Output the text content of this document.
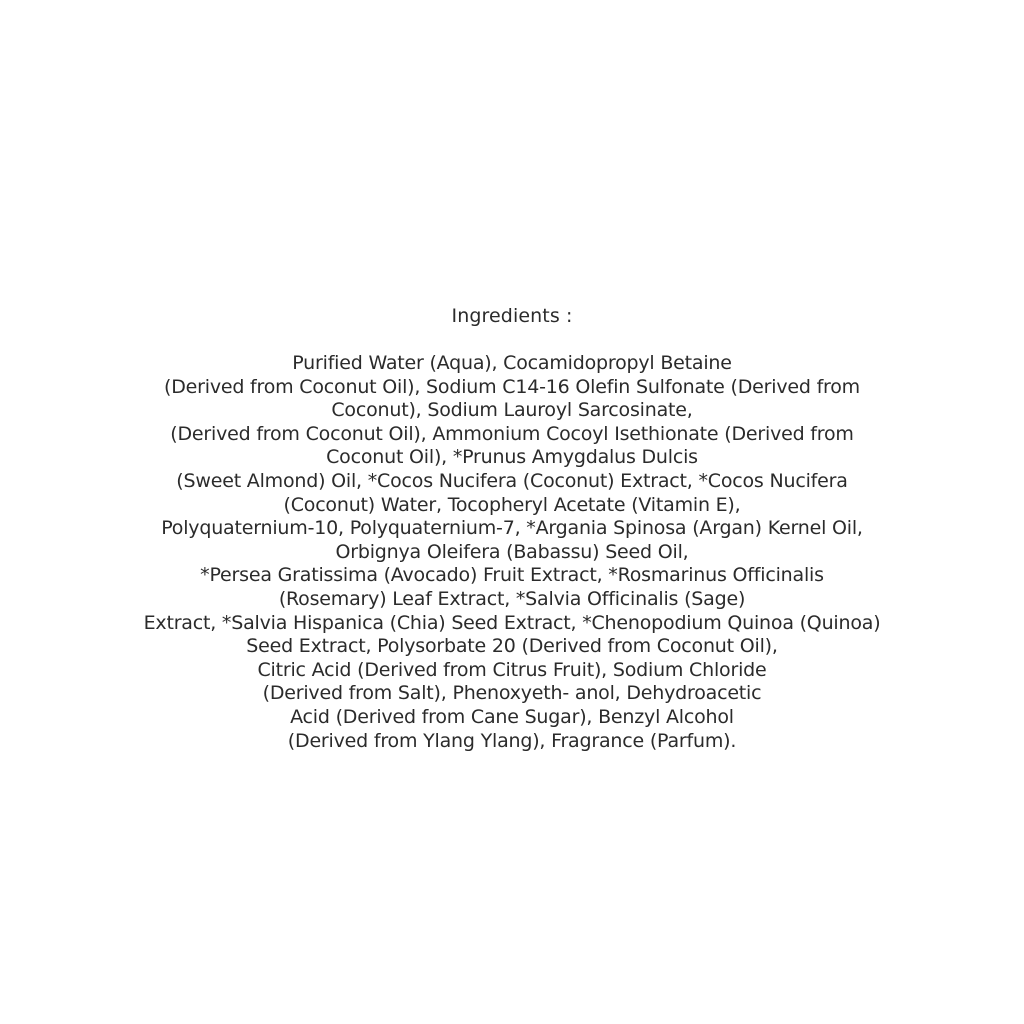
Ingredients :
Purified Water (Aqua), Cocamidopropyl Betaine
(Derived from Coconut Oil), Sodium C14-16 Olefin Sulfonate (Derived from
Coconut), Sodium Lauroyl Sarcosinate,
(Derived from Coconut Oil), Ammonium Cocoyl Isethionate (Derived from
Coconut Oil), *Prunus Amygdalus Dulcis
(Sweet Almond) Oil, *Cocos Nucifera (Coconut) Extract, *Cocos Nucifera
(Coconut) Water, Tocopheryl Acetate (Vitamin E),
Polyquaternium-10, Polyquaternium-7, *Argania Spinosa (Argan) Kernel Oil,
Orbignya Oleifera (Babassu) Seed Oil,
*Persea Gratissima (Avocado) Fruit Extract, *Rosmarinus Officinalis
(Rosemary) Leaf Extract, *Salvia Officinalis (Sage)
Extract, *Salvia Hispanica (Chia) Seed Extract, *Chenopodium Quinoa (Quinoa)
Seed Extract, Polysorbate 20 (Derived from Coconut Oil),
Citric Acid (Derived from Citrus Fruit), Sodium Chloride
(Derived from Salt), Phenoxyeth- anol, Dehydroacetic
Acid (Derived from Cane Sugar), Benzyl Alcohol
(Derived from Ylang Ylang), Fragrance (Parfum).
